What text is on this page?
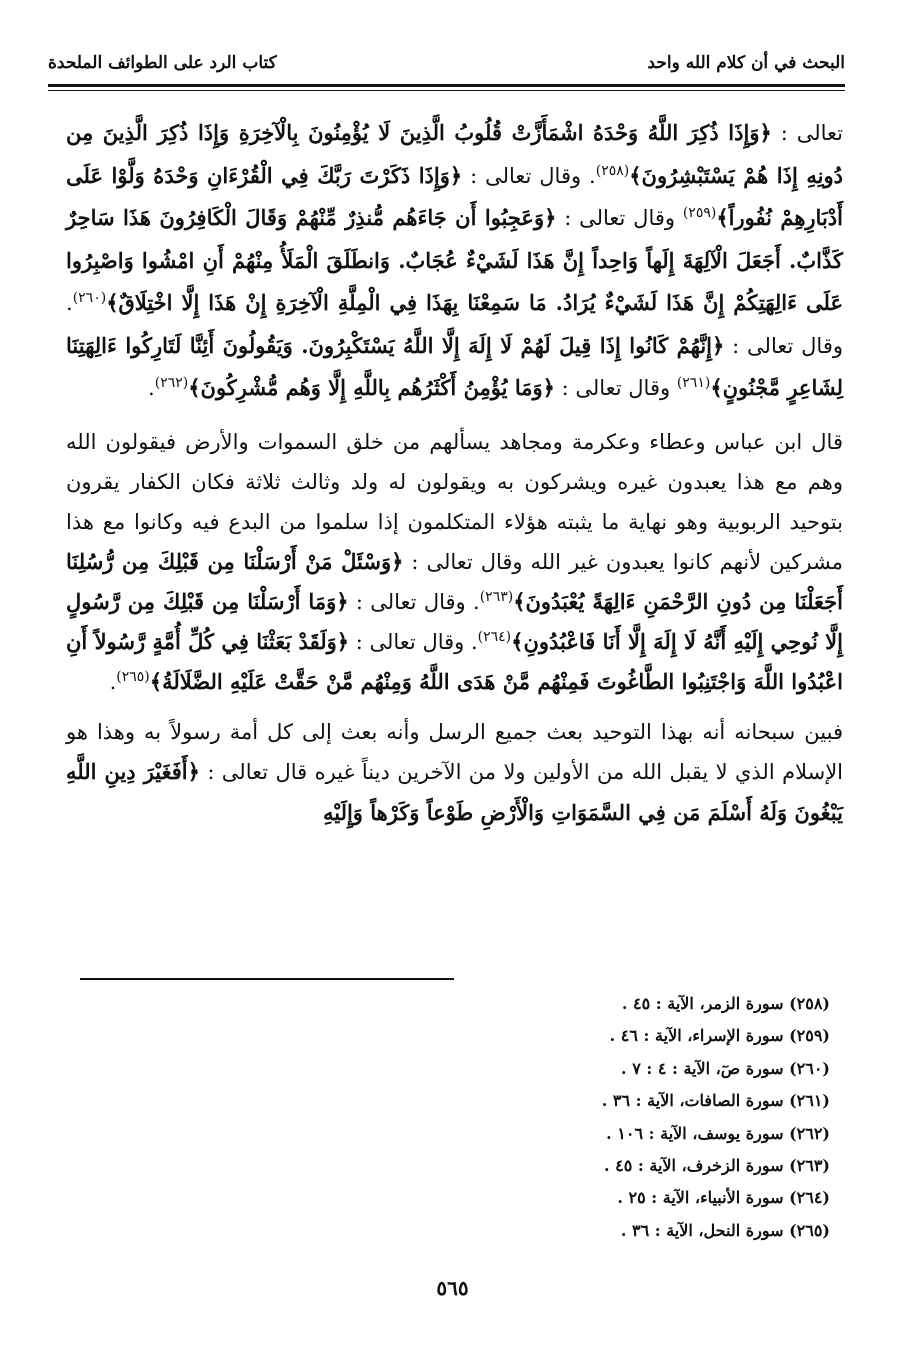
البحث في أن كلام الله واحد
كتاب الرد على الطوائف الملحدة

تعالى : ﴿وَإِذَا ذُكِرَ اللَّهُ وَحْدَهُ اشْمَأَزَّتْ قُلُوبُ الَّذِينَ لَا يُؤْمِنُونَ بِالْآخِرَةِ وَإِذَا ذُكِرَ الَّذِينَ مِن دُونِهِ إِذَا هُمْ يَسْتَبْشِرُونَ﴾$^{(٢٥٨)}$. وقال تعالى : ﴿وَإِذَا ذَكَرْتَ رَبَّكَ فِي الْقُرْءَانِ وَحْدَهُ وَلَّوْا عَلَى أَدْبَارِهِمْ نُفُوراً﴾$^{(٢٥٩)}$ وقال تعالى : ﴿وَعَجِبُوا أَن جَاءَهُم مُّنذِرٌ مِّنْهُمْ وَقَالَ الْكَافِرُونَ هَذَا سَاحِرٌ كَذَّابٌ. أَجَعَلَ الْآلِهَةَ إِلَهاً وَاحِداً إِنَّ هَذَا لَشَيْءٌ عُجَابٌ. وَانطَلَقَ الْمَلَأُ مِنْهُمْ أَنِ امْشُوا وَاصْبِرُوا عَلَى ءَالِهَتِكُمْ إِنَّ هَذَا لَشَيْءٌ يُرَادُ. مَا سَمِعْنَا بِهَذَا فِي الْمِلَّةِ الْآخِرَةِ إِنْ هَذَا إِلَّا اخْتِلَاقٌ﴾$^{(٢٦٠)}$. وقال تعالى : ﴿إِنَّهُمْ كَانُوا إِذَا قِيلَ لَهُمْ لَا إِلَهَ إِلَّا اللَّهُ يَسْتَكْبِرُونَ. وَيَقُولُونَ أَئِنَّا لَتَارِكُوا ءَالِهَتِنَا لِشَاعِرٍ مَّجْنُونٍ﴾$^{(٢٦١)}$ وقال تعالى : ﴿وَمَا يُؤْمِنُ أَكْثَرُهُم بِاللَّهِ إِلَّا وَهُم مُّشْرِكُونَ﴾$^{(٢٦٢)}$.

قال ابن عباس وعطاء وعكرمة ومجاهد يسألهم من خلق السموات والأرض فيقولون الله وهم مع هذا يعبدون غيره ويشركون به ويقولون له ولد وثالث ثلاثة فكان الكفار يقرون بتوحيد الربوبية وهو نهاية ما يثبته هؤلاء المتكلمون إذا سلموا من البدع فيه وكانوا مع هذا مشركين لأنهم كانوا يعبدون غير الله وقال تعالى : ﴿وَسْئَلْ مَنْ أَرْسَلْنَا مِن قَبْلِكَ مِن رُّسُلِنَا أَجَعَلْنَا مِن دُونِ الرَّحْمَنِ ءَالِهَةً يُعْبَدُونَ﴾$^{(٢٦٣)}$. وقال تعالى : ﴿وَمَا أَرْسَلْنَا مِن قَبْلِكَ مِن رَّسُولٍ إِلَّا نُوحِي إِلَيْهِ أَنَّهُ لَا إِلَهَ إِلَّا أَنَا فَاعْبُدُونِ﴾$^{(٢٦٤)}$. وقال تعالى : ﴿وَلَقَدْ بَعَثْنَا فِي كُلِّ أُمَّةٍ رَّسُولاً أَنِ اعْبُدُوا اللَّهَ وَاجْتَنِبُوا الطَّاغُوتَ فَمِنْهُم مَّنْ هَدَى اللَّهُ وَمِنْهُم مَّنْ حَقَّتْ عَلَيْهِ الضَّلَالَةُ﴾$^{(٢٦٥)}$.

فبين سبحانه أنه بهذا التوحيد بعث جميع الرسل وأنه بعث إلى كل أمة رسولاً به وهذا هو الإسلام الذي لا يقبل الله من الأولين ولا من الآخرين ديناً غيره قال تعالى : ﴿أَفَغَيْرَ دِينِ اللَّهِ يَبْغُونَ وَلَهُ أَسْلَمَ مَن فِي السَّمَوَاتِ وَالْأَرْضِ طَوْعاً وَكَرْهاً وَإِلَيْهِ

(٢٥٨) سورة الزمر، الآية : ٤٥ .
(٢٥٩) سورة الإسراء، الآية : ٤٦ .
(٢٦٠) سورة صٓ، الآية : ٤ : ٧ .
(٢٦١) سورة الصافات، الآية : ٣٦ .
(٢٦٢) سورة يوسف، الآية : ١٠٦ .
(٢٦٣) سورة الزخرف، الآية : ٤٥ .
(٢٦٤) سورة الأنبياء، الآية : ٢٥ .
(٢٦٥) سورة النحل، الآية : ٣٦ .
٥٦٥
